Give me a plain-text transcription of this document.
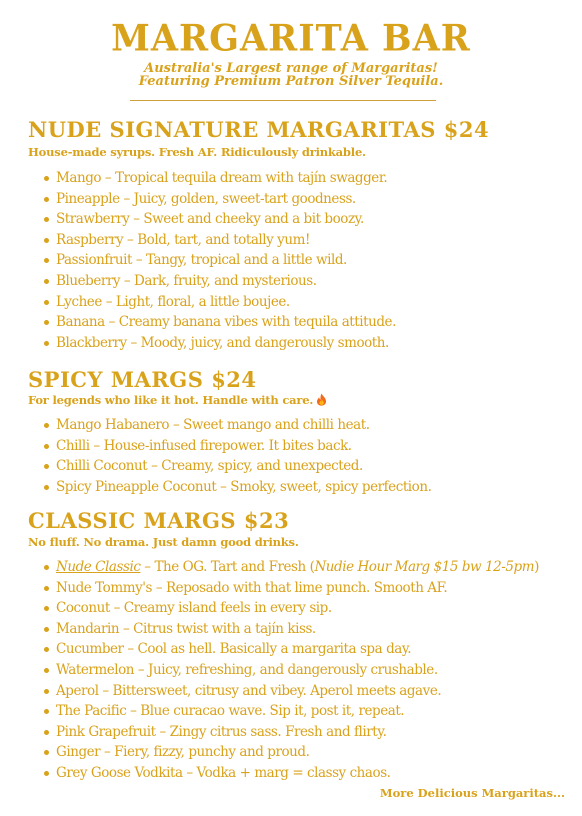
MARGARITA BAR
Australia's Largest range of Margaritas!
Featuring Premium Patron Silver Tequila.
NUDE SIGNATURE MARGARITAS $24
House-made syrups. Fresh AF. Ridiculously drinkable.
Mango – Tropical tequila dream with tajín swagger.
Pineapple – Juicy, golden, sweet-tart goodness.
Strawberry – Sweet and cheeky and a bit boozy.
Raspberry – Bold, tart, and totally yum!
Passionfruit – Tangy, tropical and a little wild.
Blueberry – Dark, fruity, and mysterious.
Lychee – Light, floral, a little boujee.
Banana – Creamy banana vibes with tequila attitude.
Blackberry – Moody, juicy, and dangerously smooth.
SPICY MARGS $24
For legends who like it hot. Handle with care.
Mango Habanero – Sweet mango and chilli heat.
Chilli – House-infused firepower. It bites back.
Chilli Coconut – Creamy, spicy, and unexpected.
Spicy Pineapple Coconut – Smoky, sweet, spicy perfection.
CLASSIC MARGS $23
No fluff. No drama. Just damn good drinks.
Nude Classic – The OG. Tart and Fresh (Nudie Hour Marg $15 bw 12-5pm)
Nude Tommy's – Reposado with that lime punch. Smooth AF.
Coconut – Creamy island feels in every sip.
Mandarin – Citrus twist with a tajín kiss.
Cucumber – Cool as hell. Basically a margarita spa day.
Watermelon – Juicy, refreshing, and dangerously crushable.
Aperol – Bittersweet, citrusy and vibey. Aperol meets agave.
The Pacific – Blue curacao wave. Sip it, post it, repeat.
Pink Grapefruit – Zingy citrus sass. Fresh and flirty.
Ginger – Fiery, fizzy, punchy and proud.
Grey Goose Vodkita – Vodka + marg = classy chaos.
More Delicious Margaritas...
